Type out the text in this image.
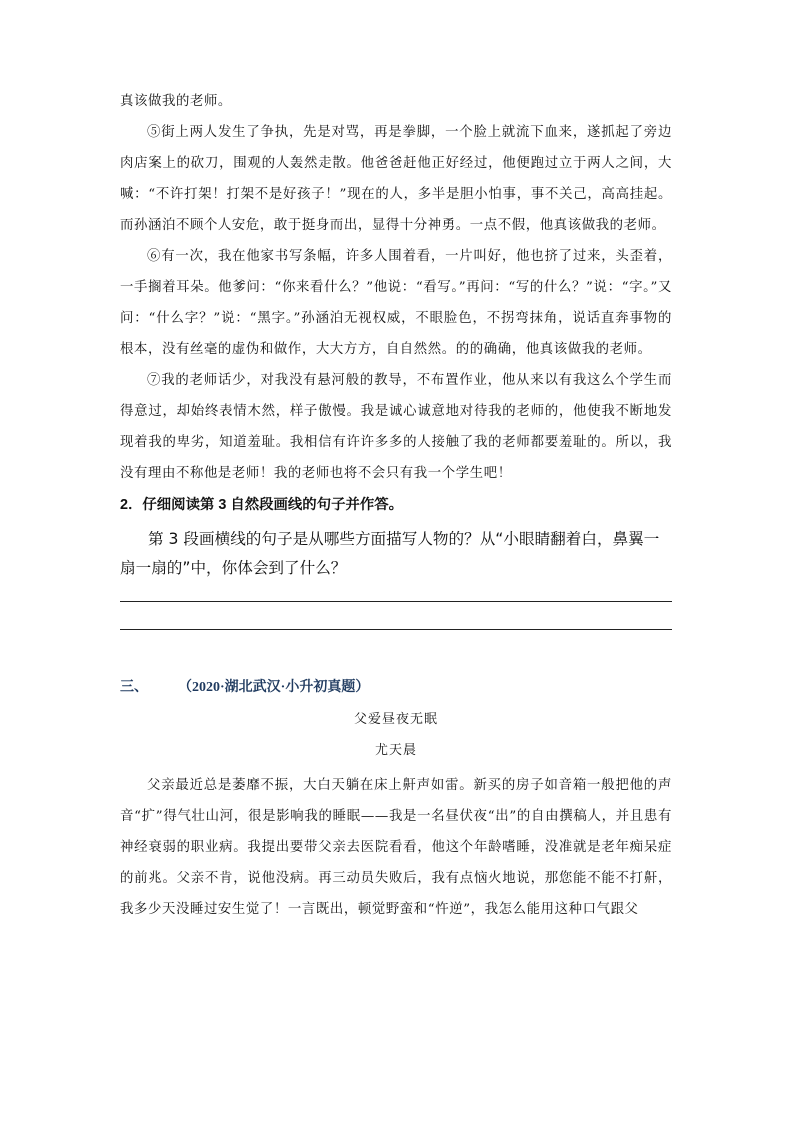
真该做我的老师。

⑤街上两人发生了争执，先是对骂，再是拳脚，一个脸上就流下血来，遂抓起了旁边肉店案上的砍刀，围观的人轰然走散。他爸爸赶他正好经过，他便跑过立于两人之间，大喊：“不许打架！打架不是好孩子！”现在的人，多半是胆小怕事，事不关己，高高挂起。而孙涵泊不顾个人安危，敢于挺身而出，显得十分神勇。一点不假，他真该做我的老师。

⑥有一次，我在他家书写条幅，许多人围着看，一片叫好，他也挤了过来，头歪着，一手搁着耳朵。他爹问：“你来看什么？”他说：“看写。”再问：“写的什么？”说：“字。”又问：“什么字？”说：“黑字。”孙涵泊无视权威，不眼脸色，不拐弯抹角，说话直奔事物的根本，没有丝毫的虚伪和做作，大大方方，自自然然。的的确确，他真该做我的老师。

⑦我的老师话少，对我没有悬河般的教导，不布置作业，他从来以有我这么个学生而得意过，却始终表情木然，样子傲慢。我是诚心诚意地对待我的老师的，他使我不断地发现着我的卑劣，知道羞耻。我相信有许许多多的人接触了我的老师都要羞耻的。所以，我没有理由不称他是老师！我的老师也将不会只有我一个学生吧！

2．仔细阅读第 3 自然段画线的句子并作答。

第 3 段画横线的句子是从哪些方面描写人物的？从“小眼睛翻着白，鼻翼一扇一扇的”中，你体会到了什么？

三、 （2020·湖北武汉·小升初真题）
父爱昼夜无眠
尤天晨

父亲最近总是萎靡不振，大白天躺在床上鼾声如雷。新买的房子如音箱一般把他的声音“扩”得气壮山河，很是影响我的睡眠——我是一名昼伏夜“出”的自由撰稿人，并且患有神经衰弱的职业病。我提出要带父亲去医院看看，他这个年龄嗜睡，没准就是老年痴呆症的前兆。父亲不肯，说他没病。再三动员失败后，我有点恼火地说，那您能不能不打鼾，我多少天没睡过安生觉了！一言既出，顿觉野蛮和“忤逆”，我怎么能用这种口气跟父
